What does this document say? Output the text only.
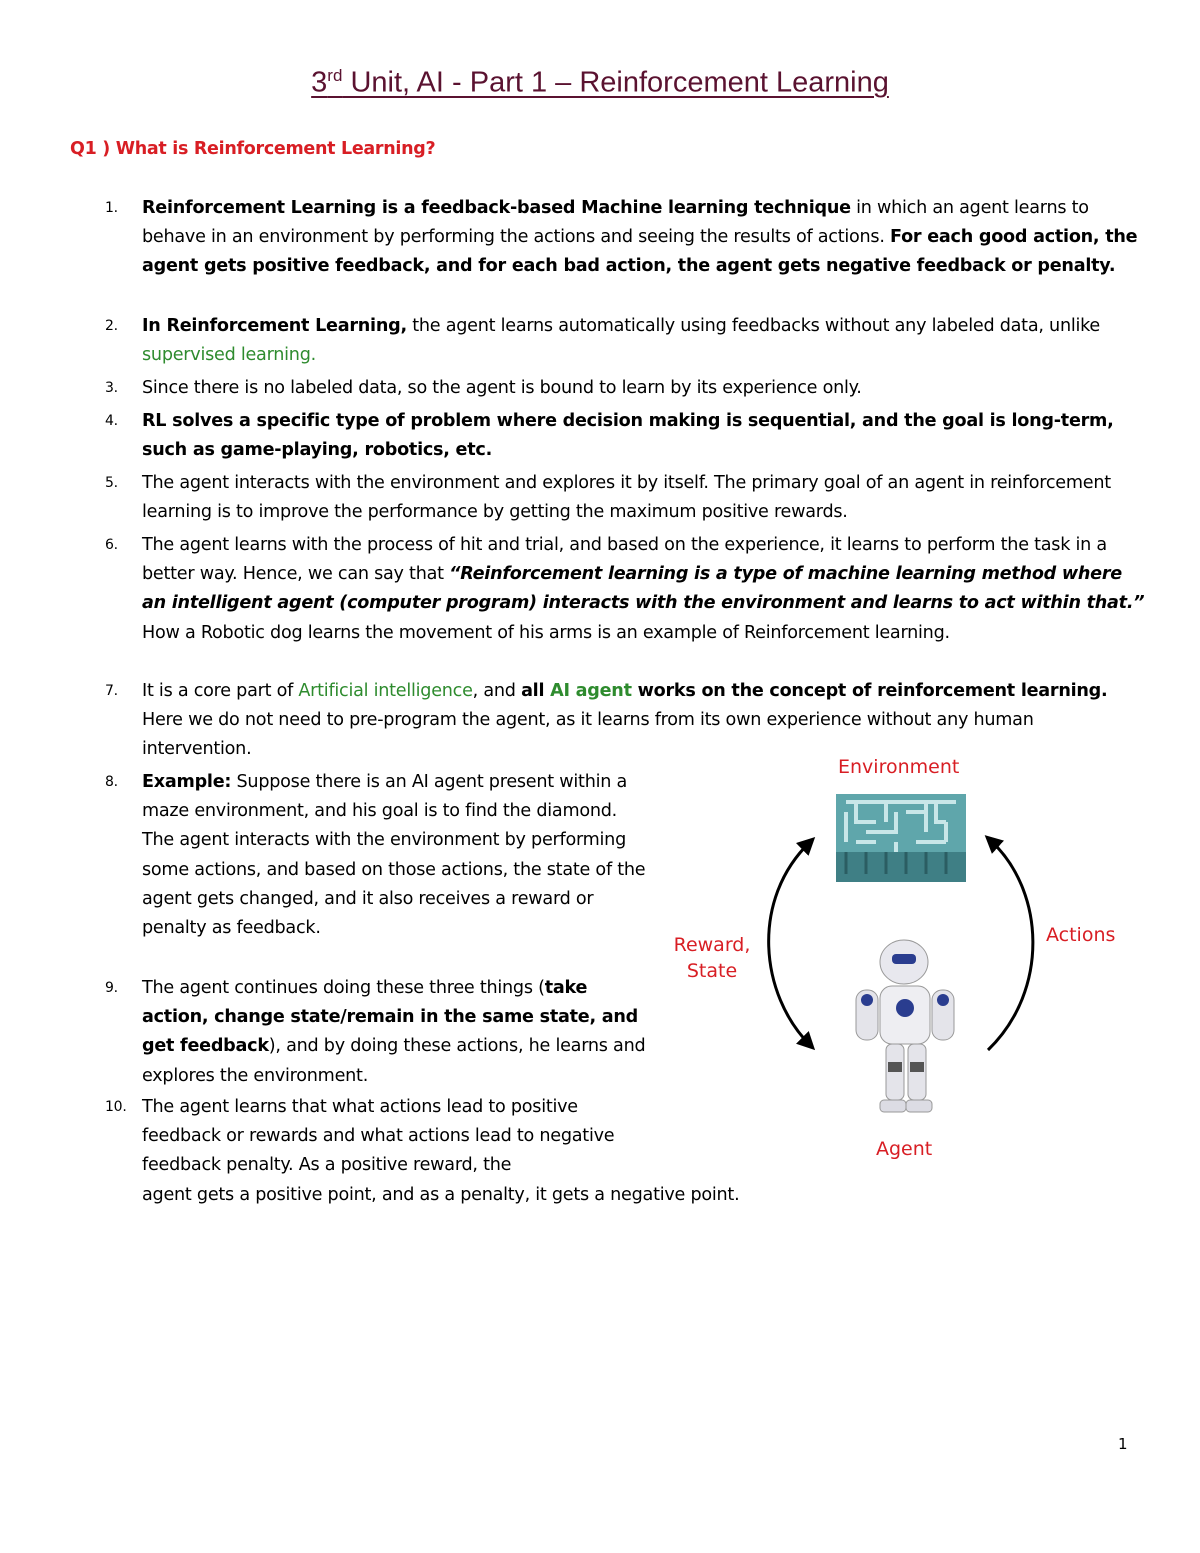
3rd Unit, AI - Part 1 – Reinforcement Learning

Q1 ) What is Reinforcement Learning?

1. Reinforcement Learning is a feedback-based Machine learning technique in which an agent learns to behave in an environment by performing the actions and seeing the results of actions. For each good action, the agent gets positive feedback, and for each bad action, the agent gets negative feedback or penalty.
2. In Reinforcement Learning, the agent learns automatically using feedbacks without any labeled data, unlike supervised learning.
3. Since there is no labeled data, so the agent is bound to learn by its experience only.
4. RL solves a specific type of problem where decision making is sequential, and the goal is long-term, such as game-playing, robotics, etc.
5. The agent interacts with the environment and explores it by itself. The primary goal of an agent in reinforcement learning is to improve the performance by getting the maximum positive rewards.
6. The agent learns with the process of hit and trial, and based on the experience, it learns to perform the task in a better way. Hence, we can say that “Reinforcement learning is a type of machine learning method where an intelligent agent (computer program) interacts with the environment and learns to act within that.” How a Robotic dog learns the movement of his arms is an example of Reinforcement learning.
7. It is a core part of Artificial intelligence, and all AI agent works on the concept of reinforcement learning. Here we do not need to pre-program the agent, as it learns from its own experience without any human intervention.
8. Example: Suppose there is an AI agent present within a maze environment, and his goal is to find the diamond. The agent interacts with the environment by performing some actions, and based on those actions, the state of the agent gets changed, and it also receives a reward or penalty as feedback.
9. The agent continues doing these three things (take action, change state/remain in the same state, and get feedback), and by doing these actions, he learns and explores the environment.
10. The agent learns that what actions lead to positive feedback or rewards and what actions lead to negative feedback penalty. As a positive reward, the
agent gets a positive point, and as a penalty, it gets a negative point.
Environment
Actions
Reward,
State
Agent
1
